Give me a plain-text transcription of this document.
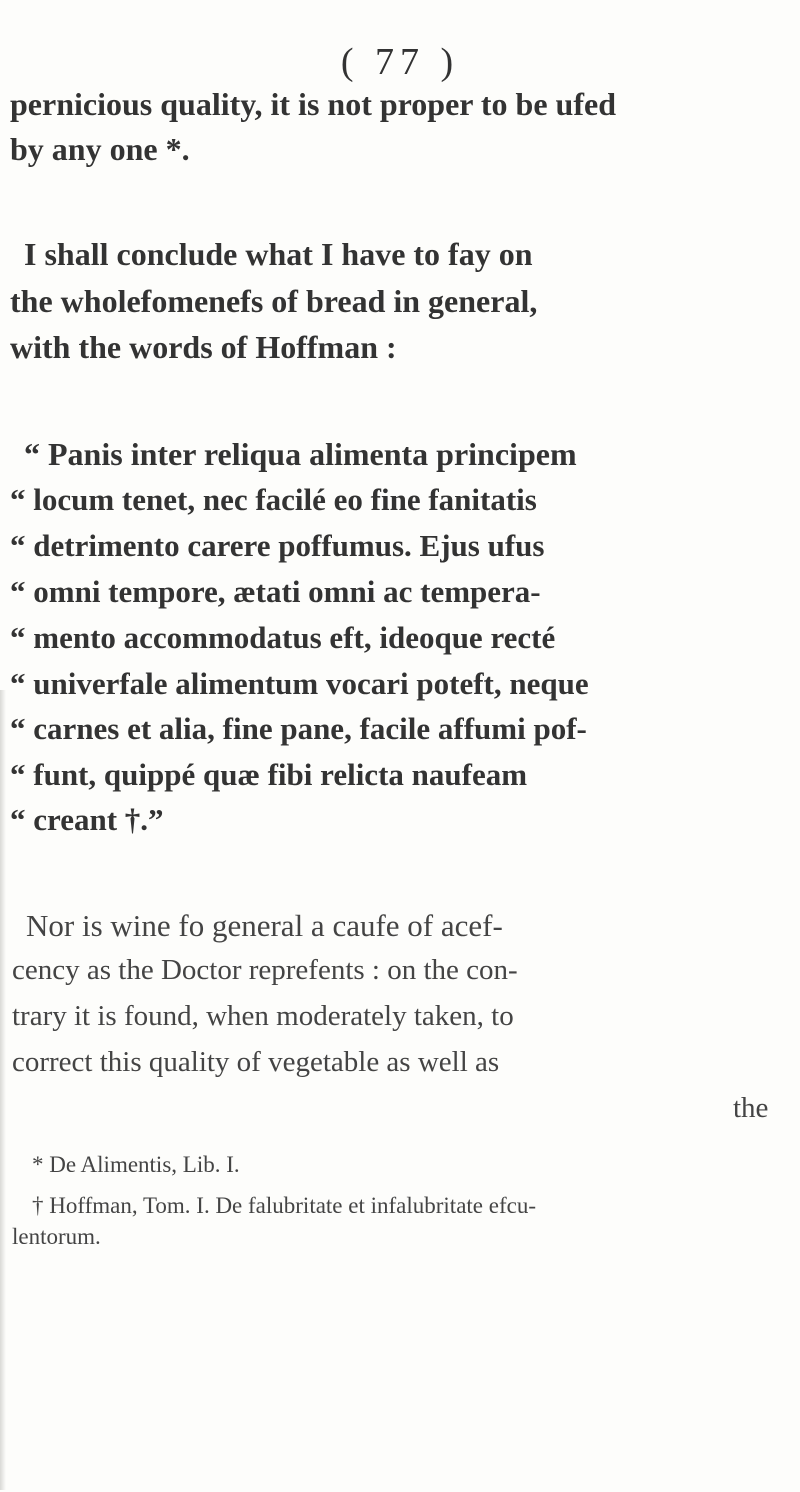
( 77 )
pernicious quality, it is not proper to be ufed
by any one *.
I shall conclude what I have to fay on
the wholefomenefs of bread in general,
with the words of Hoffman :
“ Panis inter reliqua alimenta principem
“ locum tenet, nec facilé eo fine fanitatis
“ detrimento carere poffumus. Ejus ufus
“ omni tempore, ætati omni ac tempera-
“ mento accommodatus eft, ideoque recté
“ univerfale alimentum vocari poteft, neque
“ carnes et alia, fine pane, facile affumi pof-
“ funt, quippé quæ fibi relicta naufeam
“ creant †.”
Nor is wine fo general a caufe of acef-
cency as the Doctor reprefents : on the con-
trary it is found, when moderately taken, to
correct this quality of vegetable as well as
the
* De Alimentis, Lib. I.
† Hoffman, Tom. I. De falubritate et infalubritate efcu-
lentorum.
